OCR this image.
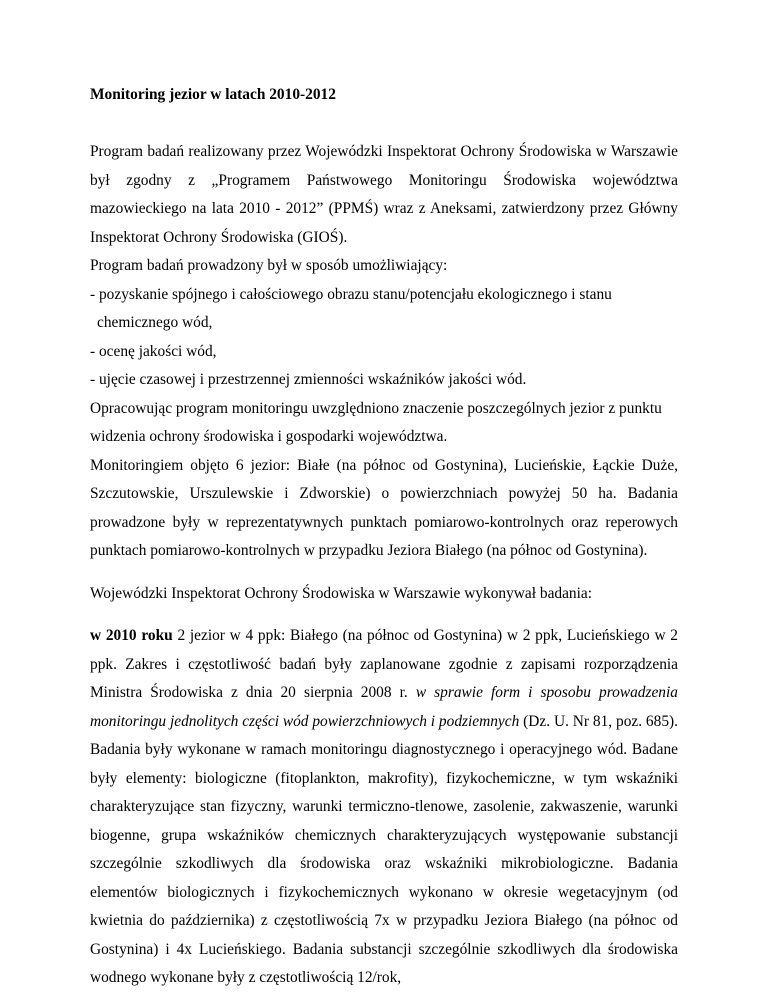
Monitoring jezior w latach 2010-2012

Program badań realizowany przez Wojewódzki Inspektorat Ochrony Środowiska w Warszawie był zgodny z „Programem Państwowego Monitoringu Środowiska województwa mazowieckiego na lata 2010 - 2012” (PPMŚ) wraz z Aneksami, zatwierdzony przez Główny Inspektorat Ochrony Środowiska (GIOŚ).

Program badań prowadzony był w sposób umożliwiający:

- pozyskanie spójnego i całościowego obrazu stanu/potencjału ekologicznego i stanu

chemicznego wód,

- ocenę jakości wód,

- ujęcie czasowej i przestrzennej zmienności wskaźników jakości wód.

Opracowując program monitoringu uwzględniono znaczenie poszczególnych jezior z punktu widzenia ochrony środowiska i gospodarki województwa.

Monitoringiem objęto 6 jezior: Białe (na północ od Gostynina), Lucieńskie, Łąckie Duże, Szczutowskie, Urszulewskie i Zdworskie) o powierzchniach powyżej 50 ha. Badania prowadzone były w reprezentatywnych punktach pomiarowo-kontrolnych oraz reperowych punktach pomiarowo-kontrolnych w przypadku Jeziora Białego (na północ od Gostynina).

Wojewódzki Inspektorat Ochrony Środowiska w Warszawie wykonywał badania:

w 2010 roku 2 jezior w 4 ppk: Białego (na północ od Gostynina) w 2 ppk, Lucieńskiego w 2 ppk. Zakres i częstotliwość badań były zaplanowane zgodnie z zapisami rozporządzenia Ministra Środowiska z dnia 20 sierpnia 2008 r. w sprawie form i sposobu prowadzenia monitoringu jednolitych części wód powierzchniowych i podziemnych (Dz. U. Nr 81, poz. 685). Badania były wykonane w ramach monitoringu diagnostycznego i operacyjnego wód. Badane były elementy: biologiczne (fitoplankton, makrofity), fizykochemiczne, w tym wskaźniki charakteryzujące stan fizyczny, warunki termiczno-tlenowe, zasolenie, zakwaszenie, warunki biogenne, grupa wskaźników chemicznych charakteryzujących występowanie substancji szczególnie szkodliwych dla środowiska oraz wskaźniki mikrobiologiczne. Badania elementów biologicznych i fizykochemicznych wykonano w okresie wegetacyjnym (od kwietnia do października) z częstotliwością 7x w przypadku Jeziora Białego (na północ od Gostynina) i 4x Lucieńskiego. Badania substancji szczególnie szkodliwych dla środowiska wodnego wykonane były z częstotliwością 12/rok,
